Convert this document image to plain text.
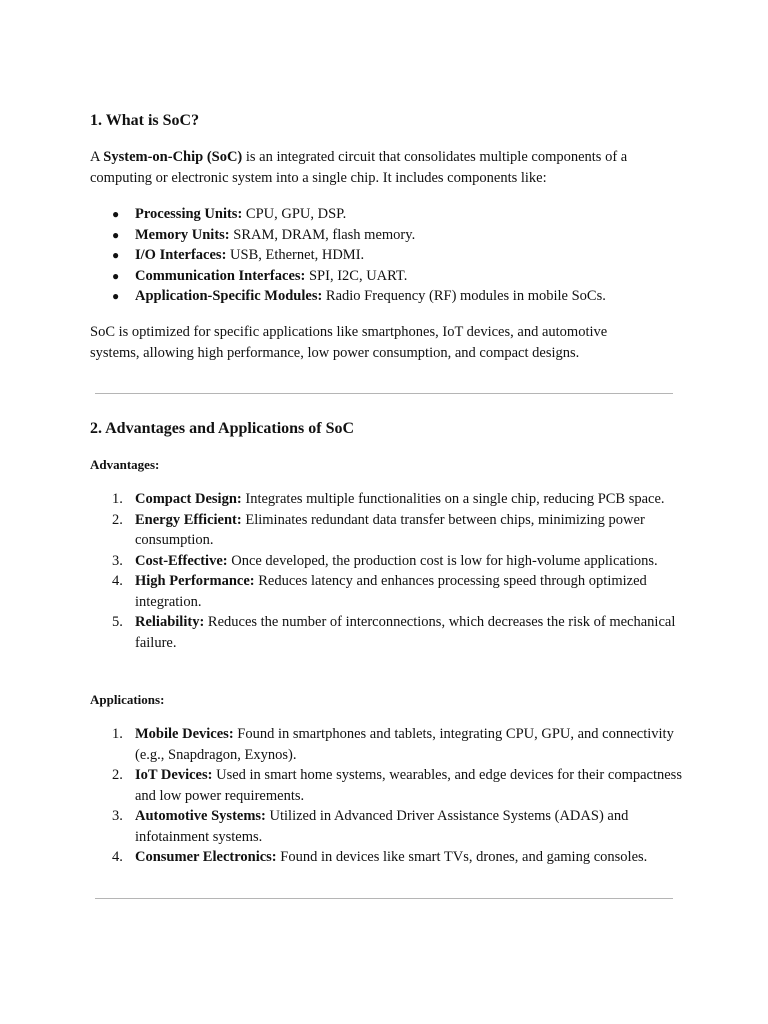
1. What is SoC?

A System-on-Chip (SoC) is an integrated circuit that consolidates multiple components of a computing or electronic system into a single chip. It includes components like:

● Processing Units: CPU, GPU, DSP.
● Memory Units: SRAM, DRAM, flash memory.
● I/O Interfaces: USB, Ethernet, HDMI.
● Communication Interfaces: SPI, I2C, UART.
● Application-Specific Modules: Radio Frequency (RF) modules in mobile SoCs.

SoC is optimized for specific applications like smartphones, IoT devices, and automotive systems, allowing high performance, low power consumption, and compact designs.

2. Advantages and Applications of SoC
Advantages:
1. Compact Design: Integrates multiple functionalities on a single chip, reducing PCB space.
2. Energy Efficient: Eliminates redundant data transfer between chips, minimizing power consumption.
3. Cost-Effective: Once developed, the production cost is low for high-volume applications.
4. High Performance: Reduces latency and enhances processing speed through optimized integration.
5. Reliability: Reduces the number of interconnections, which decreases the risk of mechanical failure.
Applications:
1. Mobile Devices: Found in smartphones and tablets, integrating CPU, GPU, and connectivity (e.g., Snapdragon, Exynos).
2. IoT Devices: Used in smart home systems, wearables, and edge devices for their compactness and low power requirements.
3. Automotive Systems: Utilized in Advanced Driver Assistance Systems (ADAS) and infotainment systems.
4. Consumer Electronics: Found in devices like smart TVs, drones, and gaming consoles.
